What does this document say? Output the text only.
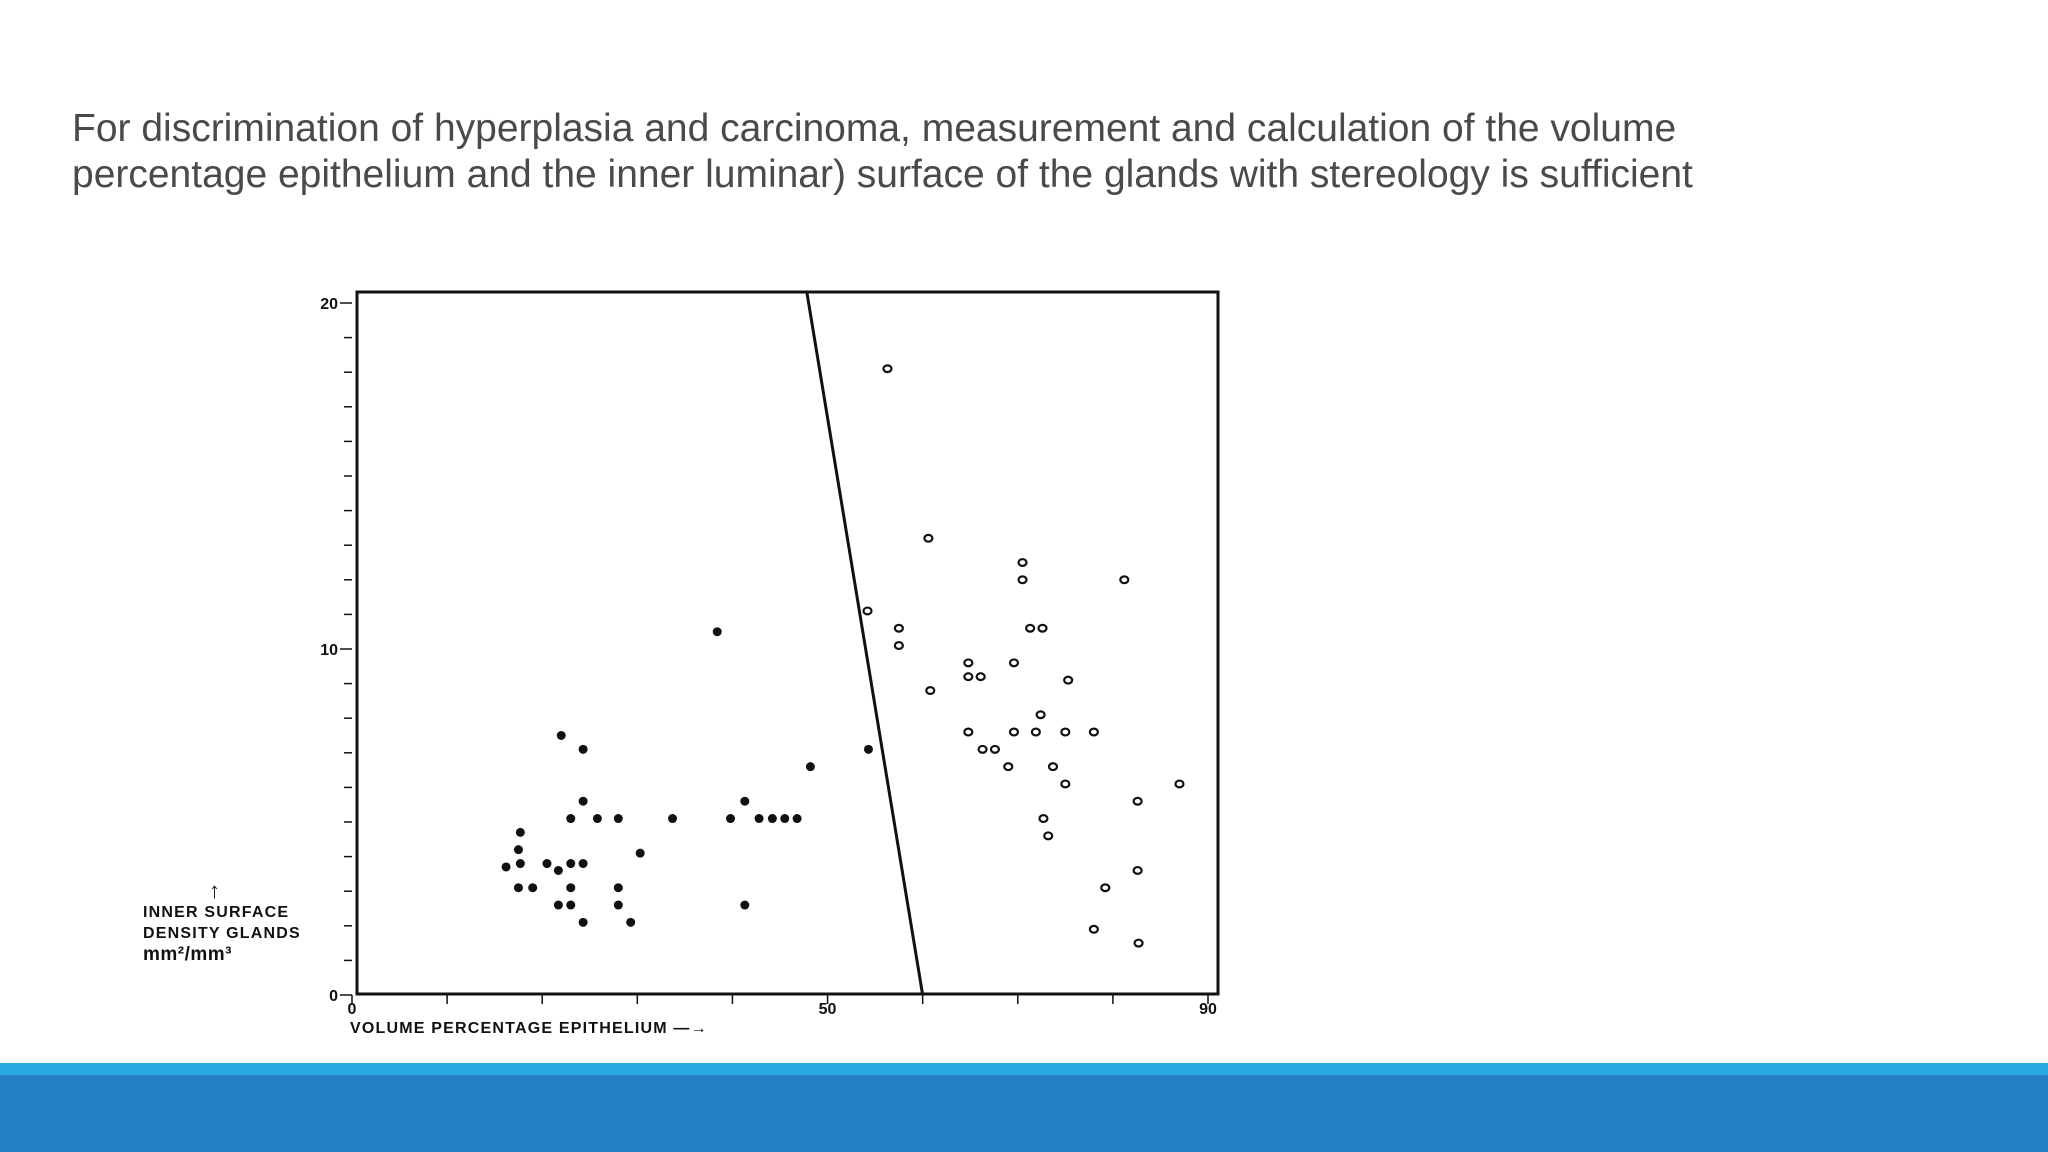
For discrimination of hyperplasia and carcinoma, measurement and calculation of the volume
percentage epithelium and the inner luminar) surface of the glands with stereology is sufficient
0
10
20
0	50	90
↑
INNER SURFACE
DENSITY GLANDS
mm²/mm³
VOLUME PERCENTAGE EPITHELIUM —→
